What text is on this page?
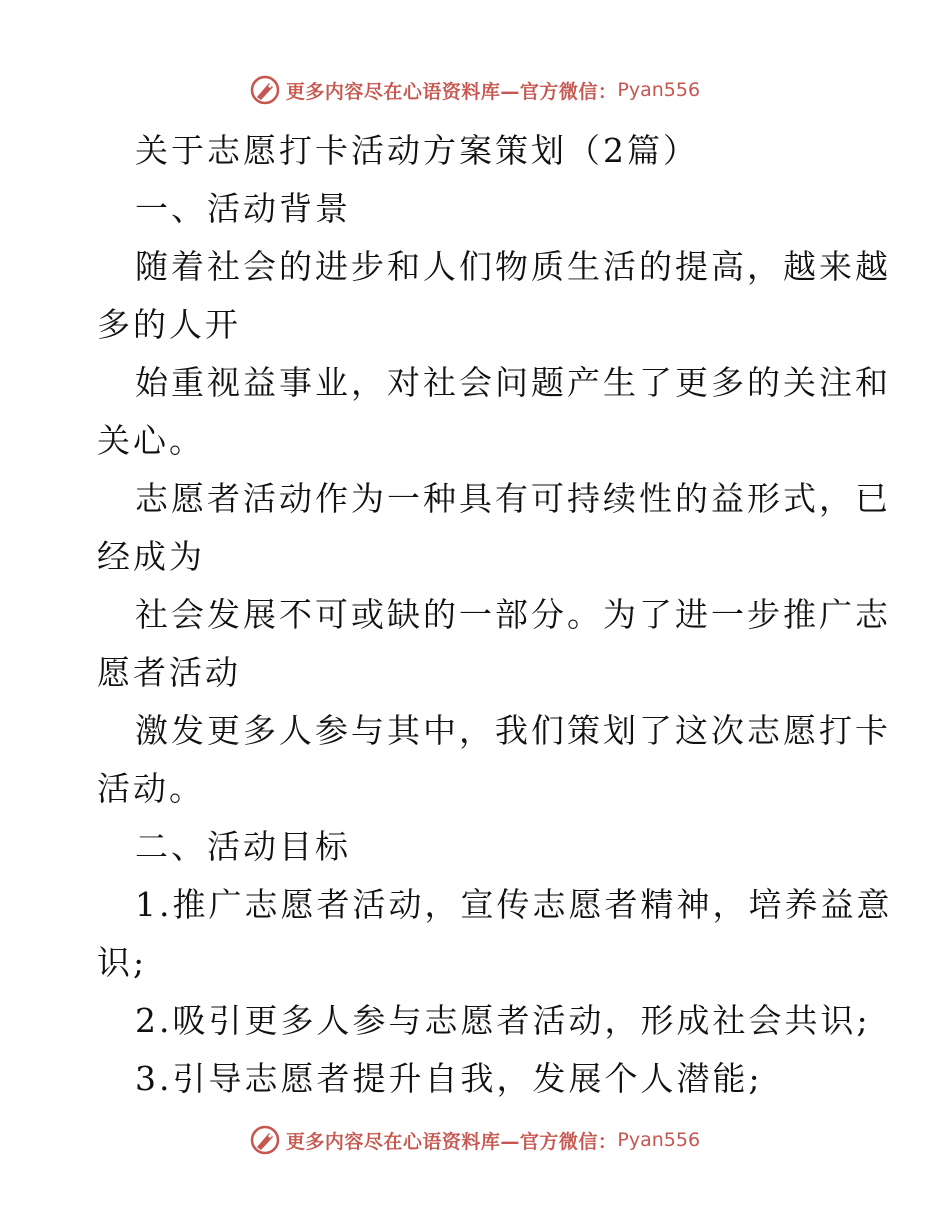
更多内容尽在心语资料库—官方微信： Pyan556
关于志愿打卡活动方案策划（2篇）
一、活动背景
随着社会的进步和人们物质生活的提高，越来越
多的人开
始重视益事业，对社会问题产生了更多的关注和
关心。
志愿者活动作为一种具有可持续性的益形式，已
经成为
社会发展不可或缺的一部分。为了进一步推广志
愿者活动
激发更多人参与其中，我们策划了这次志愿打卡
活动。
二、活动目标
1.推广志愿者活动，宣传志愿者精神，培养益意
识;
2.吸引更多人参与志愿者活动，形成社会共识;
3.引导志愿者提升自我，发展个人潜能;
更多内容尽在心语资料库—官方微信： Pyan556
